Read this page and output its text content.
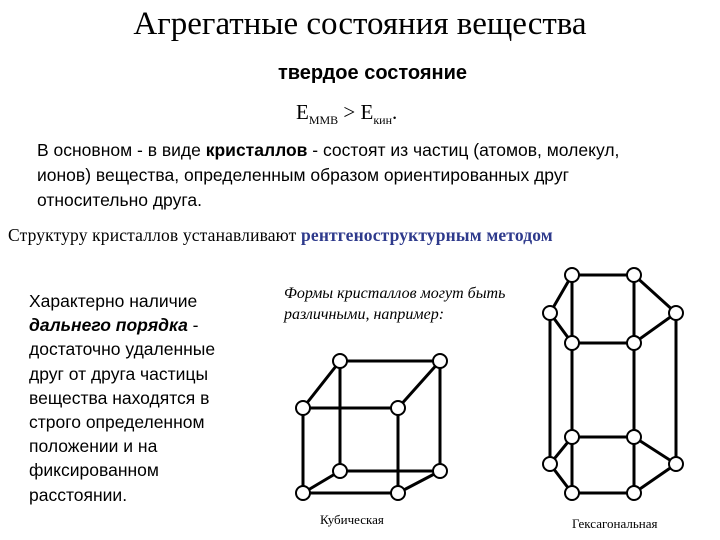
Агрегатные состояния вещества
твердое состояние
$E_{MMB} > E_{кин}$.
В основном - в виде кристаллов - состоят из частиц (атомов, молекул, ионов) вещества, определенным образом ориентированных друг относительно друга.
Структуру кристаллов устанавливают рентгеноструктурным методом
Характерно наличие дальнего порядка - достаточно удаленные друг от друга частицы вещества находятся в строго определенном положении и на фиксированном расстоянии.
Формы кристаллов могут быть различными, например:
Кубическая	Гексагональная
